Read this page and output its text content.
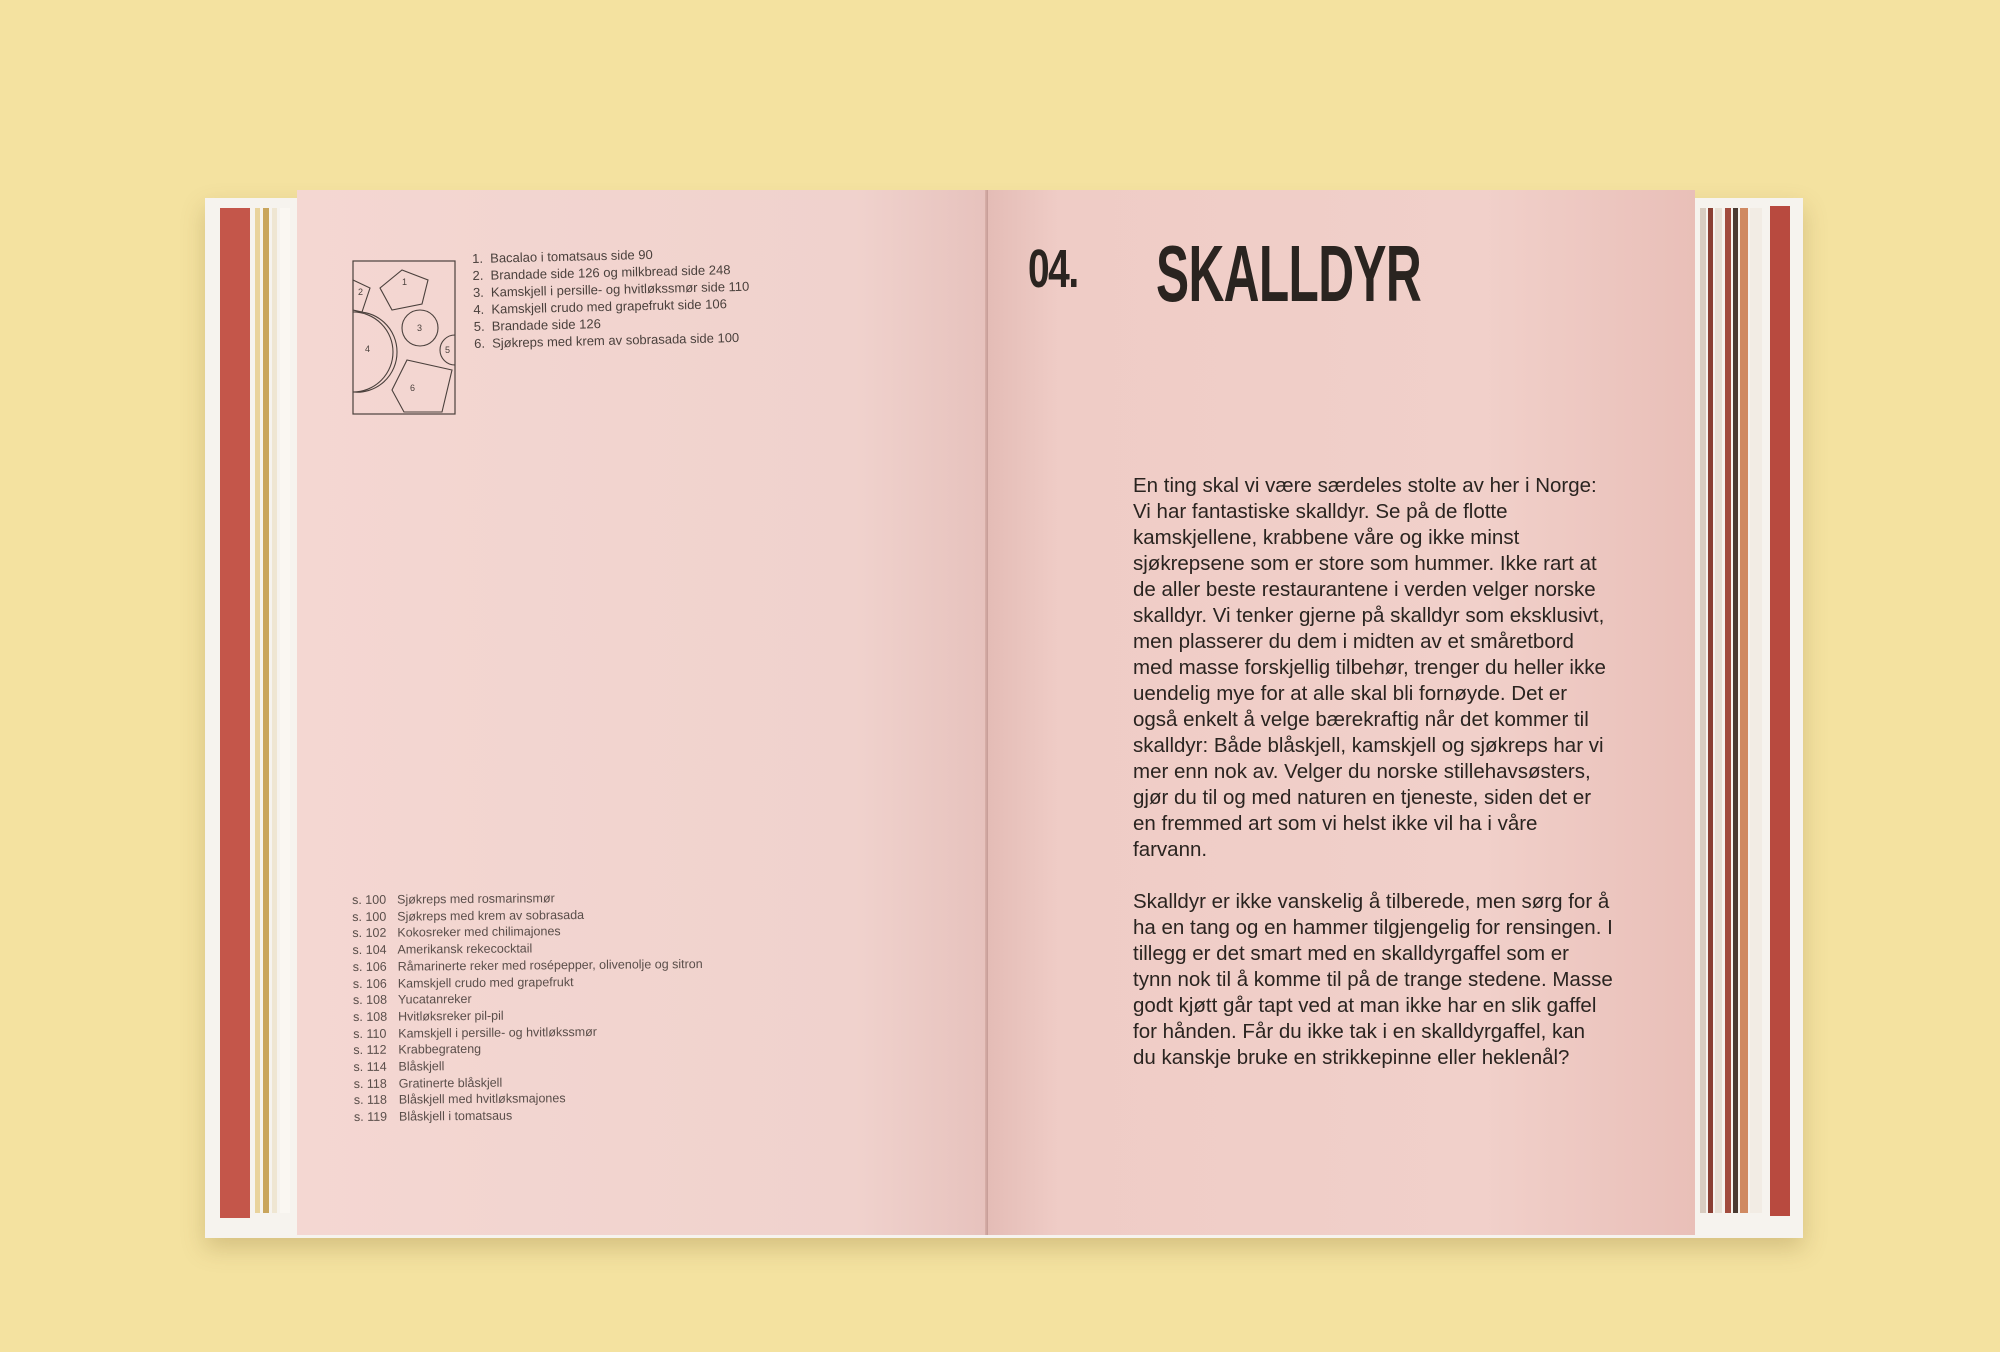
1
2
3
4	5
6
1. Bacalao i tomatsaus side 90
2. Brandade side 126 og milkbread side 248
3. Kamskjell i persille- og hvitløkssmør side 110
4. Kamskjell crudo med grapefrukt side 106
5. Brandade side 126
6. Sjøkreps med krem av sobrasada side 100
s. 100 Sjøkreps med rosmarinsmør
s. 100 Sjøkreps med krem av sobrasada
s. 102 Kokosreker med chilimajones
s. 104 Amerikansk rekecocktail
s. 106 Råmarinerte reker med rosépepper, olivenolje og sitron
s. 106 Kamskjell crudo med grapefrukt
s. 108 Yucatanreker
s. 108 Hvitløksreker pil-pil
s. 110 Kamskjell i persille- og hvitløkssmør
s. 112 Krabbegrateng
s. 114 Blåskjell
s. 118 Gratinerte blåskjell
s. 118 Blåskjell med hvitløksmajones
s. 119 Blåskjell i tomatsaus
04. SKALLDYR

En ting skal vi være særdeles stolte av her i Norge: Vi har fantastiske skalldyr. Se på de flotte kamskjellene, krabbene våre og ikke minst sjøkrepsene som er store som hummer. Ikke rart at de aller beste restaurantene i verden velger norske skalldyr. Vi tenker gjerne på skalldyr som eksklusivt, men plasserer du dem i midten av et småretbord med masse forskjellig tilbehør, trenger du heller ikke uendelig mye for at alle skal bli fornøyde. Det er også enkelt å velge bærekraftig når det kommer til skalldyr: Både blåskjell, kamskjell og sjøkreps har vi mer enn nok av. Velger du norske stillehavsøsters, gjør du til og med naturen en tjeneste, siden det er en fremmed art som vi helst ikke vil ha i våre farvann.

Skalldyr er ikke vanskelig å tilberede, men sørg for å ha en tang og en hammer tilgjengelig for rensingen. I tillegg er det smart med en skalldyrgaffel som er tynn nok til å komme til på de trange stedene. Masse godt kjøtt går tapt ved at man ikke har en slik gaffel for hånden. Får du ikke tak i en skalldyrgaffel, kan du kanskje bruke en strikkepinne eller heklenål?
